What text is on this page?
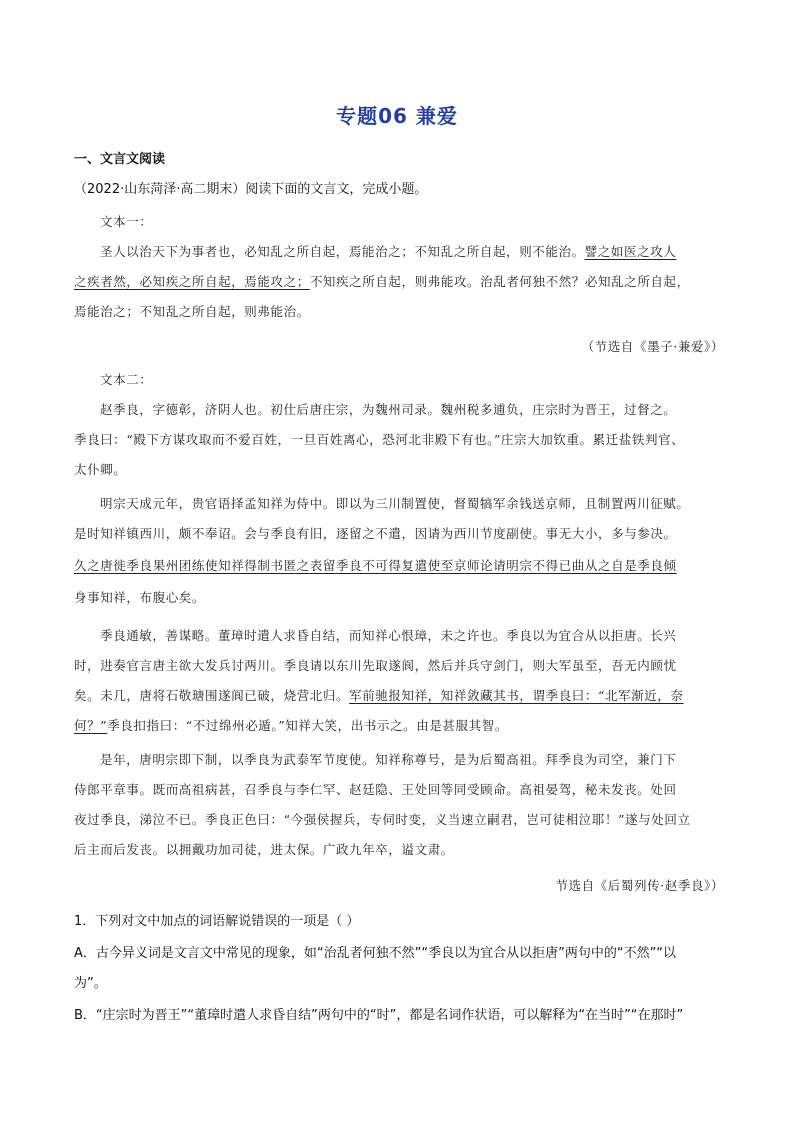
专题06 兼爱
一、文言文阅读
（2022·山东菏泽·高二期末）阅读下面的文言文，完成小题。
文本一：
圣人以治天下为事者也，必知乱之所自起，焉能治之；不知乱之所自起，则不能治。譬之如医之攻人
之疾者然，必知疾之所自起，焉能攻之；不知疾之所自起，则弗能攻。治乱者何独不然？必知乱之所自起，
焉能治之；不知乱之所自起，则弗能治。
（节选自《墨子·兼爱》）
文本二：
赵季良，字德彰，济阴人也。初仕后唐庄宗，为魏州司录。魏州税多逋负，庄宗时为晋王，过督之。
季良曰：“殿下方谋攻取而不爱百姓，一旦百姓离心，恐河北非殿下有也。”庄宗大加钦重。累迁盐铁判官、
太仆卿。
明宗天成元年，贵官语择孟知祥为侍中。即以为三川制置使，督蜀犒军余钱送京师，且制置两川征赋。
是时知祥镇西川，颇不奉诏。会与季良有旧，逐留之不遣，因请为西川节度副使。事无大小，多与参决。
久之唐徙季良果州团练使知祥得制书匿之表留季良不可得复遣使至京师论请明宗不得已曲从之自是季良倾
身事知祥，布腹心矣。
季良通敏，善谋略。董璋时遣人求昏自结，而知祥心恨璋，未之许也。季良以为宜合从以拒唐。长兴
时，进奏官言唐主欲大发兵讨两川。季良请以东川先取遂阆，然后并兵守剑门，则大军虽至，吾无内顾忧
矣。未几，唐将石敬瑭围遂阆已破，烧营北归。军前驰报知祥，知祥敛藏其书，谓季良曰：“北军渐近，奈
何？”季良扣指曰：“不过绵州必遁。”知祥大笑，出书示之。由是甚服其智。
是年，唐明宗即下制，以季良为武泰军节度使。知祥称尊号，是为后蜀高祖。拜季良为司空，兼门下
侍郎平章事。既而高祖病甚，召季良与李仁罕、赵廷隐、王处回等同受顾命。高祖晏驾，秘未发丧。处回
夜过季良，涕泣不已。季良正色曰：“今强侯握兵，专伺时变，义当速立嗣君，岂可徒相泣耶！”遂与处回立
后主而后发丧。以拥戴功加司徒，进太保。广政九年卒，谥文肃。
节选自《后蜀列传·赵季良》）
1．下列对文中加点的词语解说错误的一项是（ ）
A．古今异义词是文言文中常见的现象，如“治乱者何独不然”“季良以为宜合从以拒唐”两句中的“不然”“以
为”。
B．“庄宗时为晋王”“董璋时遣人求昏自结”两句中的“时”，都是名词作状语，可以解释为“在当时”“在那时”
